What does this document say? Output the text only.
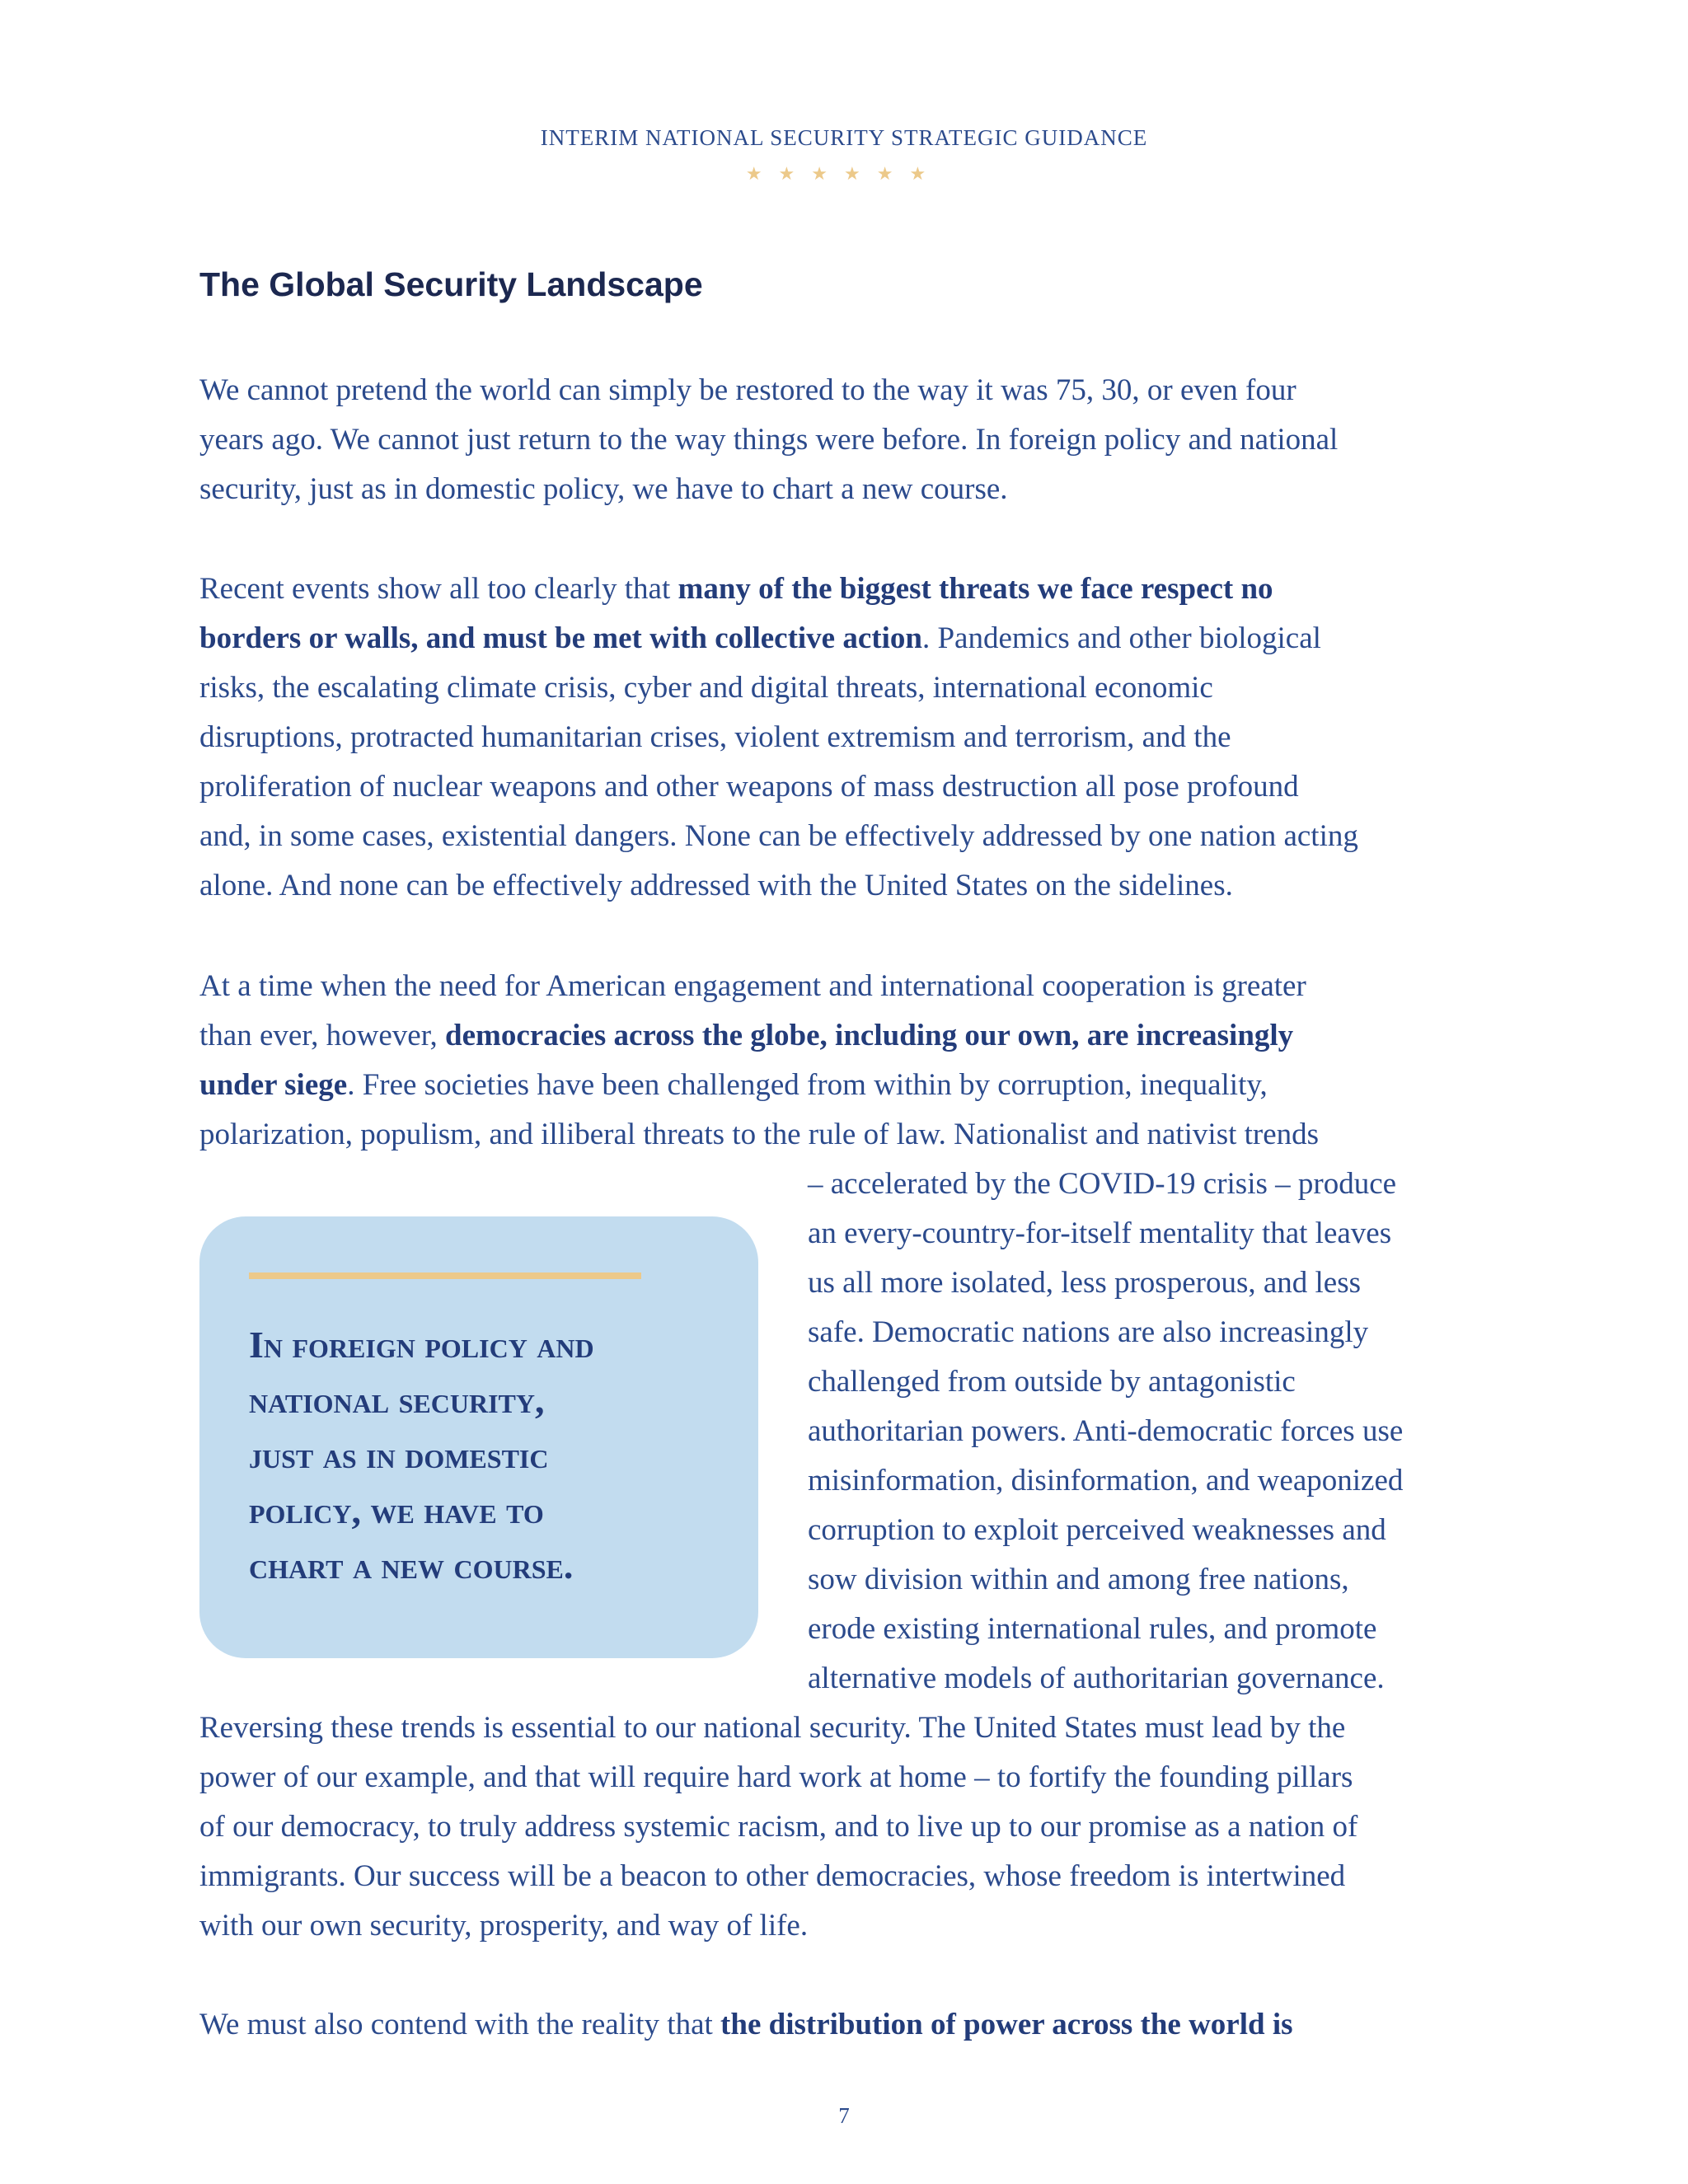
INTERIM NATIONAL SECURITY STRATEGIC GUIDANCE
★★★★★★
The Global Security Landscape

We cannot pretend the world can simply be restored to the way it was 75, 30, or even four
years ago. We cannot just return to the way things were before. In foreign policy and national
security, just as in domestic policy, we have to chart a new course.

Recent events show all too clearly that many of the biggest threats we face respect no
borders or walls, and must be met with collective action. Pandemics and other biological
risks, the escalating climate crisis, cyber and digital threats, international economic
disruptions, protracted humanitarian crises, violent extremism and terrorism, and the
proliferation of nuclear weapons and other weapons of mass destruction all pose profound
and, in some cases, existential dangers. None can be effectively addressed by one nation acting
alone. And none can be effectively addressed with the United States on the sidelines.

At a time when the need for American engagement and international cooperation is greater
than ever, however, democracies across the globe, including our own, are increasingly
under siege. Free societies have been challenged from within by corruption, inequality,
polarization, populism, and illiberal threats to the rule of law. Nationalist and nativist trends
– accelerated by the COVID-19 crisis – produce
an every-country-for-itself mentality that leaves
us all more isolated, less prosperous, and less
safe. Democratic nations are also increasingly
challenged from outside by antagonistic
authoritarian powers. Anti-democratic forces use
misinformation, disinformation, and weaponized
corruption to exploit perceived weaknesses and
sow division within and among free nations,
erode existing international rules, and promote
alternative models of authoritarian governance.
Reversing these trends is essential to our national security. The United States must lead by the
power of our example, and that will require hard work at home – to fortify the founding pillars
of our democracy, to truly address systemic racism, and to live up to our promise as a nation of
immigrants. Our success will be a beacon to other democracies, whose freedom is intertwined
with our own security, prosperity, and way of life.

In foreign policy and
national security,
just as in domestic
policy, we have to
chart a new course.

We must also contend with the reality that the distribution of power across the world is

7
